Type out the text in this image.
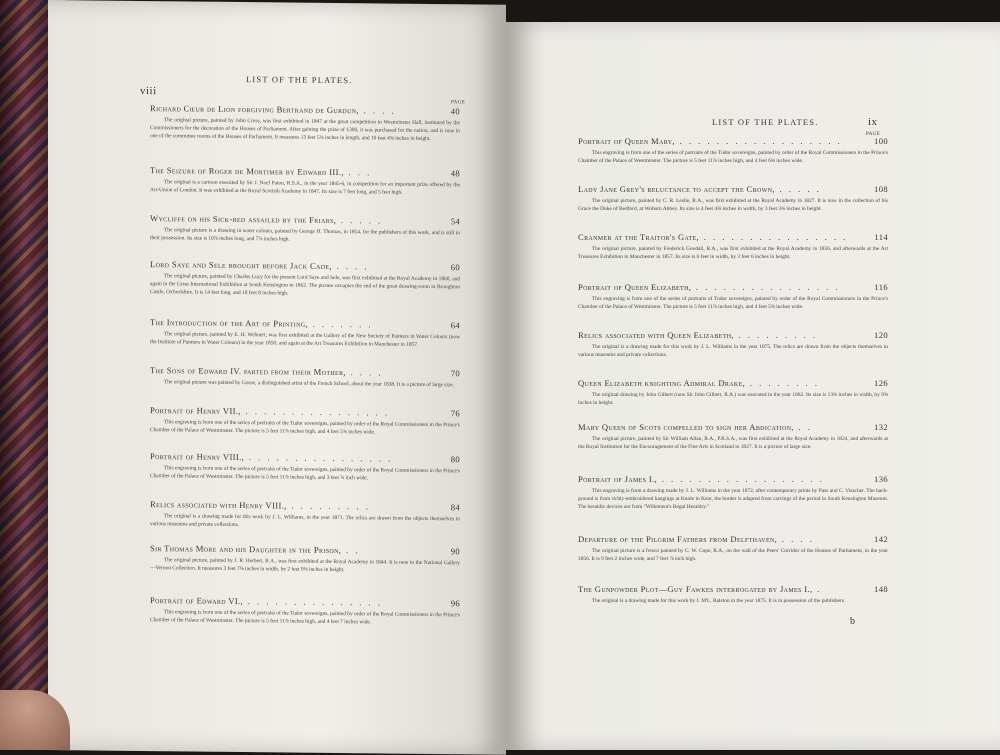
viii
LIST OF THE PLATES.
PAGE
Richard Cœur de Lion forgiving Bertrand de Gurdun, . . . .	40
The original picture, painted by John Cross, was first exhibited in 1847 at the great competition in Westminster Hall, instituted by the Commissioners for the decoration of the Houses of Parliament. After gaining the prize of £300, it was purchased for the nation, and is now in one of the committee rooms of the Houses of Parliament. It measures 13 feet 5⅜ inches in length, and 10 feet 4⅜ inches in height.
The Seizure of Roger de Mortimer by Edward III., . . .	48
The original is a cartoon executed by Sir J. Noel Paton, R.S.A., in the year 1845-6, in competition for an important prize offered by the Art-Union of London. It was exhibited at the Royal Scottish Academy in 1847. Its size is 7 feet long, and 5 feet high.
Wycliffe on his Sick-bed assailed by the Friars, . . . . .	54
The original picture is a drawing in water colours, painted by George H. Thomas, in 1854, for the publishers of this work, and is still in their possession. Its size is 10⅞ inches long, and 7⅞ inches high.
Lord Saye and Sele brought before Jack Cade, . . . .	60
The original picture, painted by Charles Lucy for the present Lord Saye and Sele, was first exhibited at the Royal Academy in 1860, and again in the Great International Exhibition at South Kensington in 1862. The picture occupies the end of the great drawing-room in Broughton Castle, Oxfordshire. It is 14 feet long, and 10 feet 8 inches high.
The Introduction of the Art of Printing, . . . . . . .	64
The original picture, painted by E. H. Wehnert, was first exhibited at the Gallery of the New Society of Painters in Water Colours (now the Institute of Painters in Water Colours) in the year 1850; and again at the Art Treasures Exhibition in Manchester in 1857.
The Sons of Edward IV. parted from their Mother, . . . .	70
The original picture was painted by Gosse, a distinguished artist of the French School, about the year 1838. It is a picture of large size.
Portrait of Henry VII., . . . . . . . . . . . . . . . .	76
This engraving is from one of the series of portraits of the Tudor sovereigns, painted by order of the Royal Commissioners in the Prince's Chamber of the Palace of Westminster. The picture is 5 feet 11⅞ inches high, and 4 feet 5⅜ inches wide.
Portrait of Henry VIII., . . . . . . . . . . . . . . . .	80
This engraving is from one of the series of portraits of the Tudor sovereigns, painted by order of the Royal Commissioners in the Prince's Chamber of the Palace of Westminster. The picture is 5 feet 11⅞ inches high, and 3 feet ⅞ inch wide.
Relics associated with Henry VIII., . . . . . . . . .	84
The original is a drawing made for this work by J. L. Williams, in the year 1871. The relics are drawn from the objects themselves in various museums and private collections.
Sir Thomas More and his Daughter in the Prison, . .	90
The original picture, painted by J. R. Herbert, R.A., was first exhibited at the Royal Academy in 1844. It is now in the National Gallery—Vernon Collection. It measures 3 feet 7⅜ inches in width, by 2 feet 9⅜ inches in height.
Portrait of Edward VI., . . . . . . . . . . . . . . .	96
This engraving is from one of the series of portraits of the Tudor sovereigns, painted by order of the Royal Commissioners in the Prince's Chamber of the Palace of Westminster. The picture is 5 feet 11⅞ inches high, and 4 feet 7 inches wide.
LIST OF THE PLATES.	ix
PAGE
Portrait of Queen Mary, . . . . . . . . . . . . . . . . . .	100
This engraving is from one of the series of portraits of the Tudor sovereigns, painted by order of the Royal Commissioners in the Prince's Chamber of the Palace of Westminster. The picture is 5 feet 11⅞ inches high, and 4 feet 6⅜ inches wide.
Lady Jane Grey's reluctance to accept the Crown, . . . . .	108
The original picture, painted by C. R. Leslie, R.A., was first exhibited at the Royal Academy in 1827. It is now in the collection of his Grace the Duke of Bedford, at Woburn Abbey. Its size is 4 feet 4⅜ inches in width, by 3 feet 3⅜ inches in height.
Cranmer at the Traitor's Gate, . . . . . . . . . . . . . . . .	114
The original picture, painted by Frederick Goodall, R.A., was first exhibited at the Royal Academy in 1856, and afterwards at the Art Treasures Exhibition in Manchester in 1857. Its size is 6 feet in width, by 3 feet 6 inches in height.
Portrait of Queen Elizabeth, . . . . . . . . . . . . . . . .	116
This engraving is from one of the series of portraits of Tudor sovereigns, painted by order of the Royal Commissioners in the Prince's Chamber of the Palace of Westminster. The picture is 5 feet 11⅞ inches high, and 4 feet 5⅜ inches wide.
Relics associated with Queen Elizabeth, . . . . . . . . .	120
The original is a drawing made for this work by J. L. Williams in the year 1875. The relics are drawn from the objects themselves in various museums and private collections.
Queen Elizabeth knighting Admiral Drake, . . . . . . . .	126
The original drawing by John Gilbert (now Sir John Gilbert, R.A.) was executed in the year 1862. Its size is 13⅜ inches in width, by 9⅜ inches in height.
Mary Queen of Scots compelled to sign her Abdication, . .	132
The original picture, painted by Sir William Allan, R.A., P.R.S.A., was first exhibited at the Royal Academy in 1824, and afterwards at the Royal Institution for the Encouragement of the Fine Arts in Scotland in 1827. It is a picture of large size.
Portrait of James I., . . . . . . . . . . . . . . . . . .	136
This engraving is from a drawing made by J. L. Williams in the year 1872, after contemporary prints by Pass and C. Visscher. The back-ground is from richly-embroidered hangings at Knole in Kent, the border is adapted from carvings of the period in South Kensington Museum. The heraldic devices are from "Willement's Regal Heraldry."
Departure of the Pilgrim Fathers from Delfthaven, . . . .	142
The original picture is a fresco painted by C. W. Cope, R.A., on the wall of the Peers' Corridor of the Houses of Parliament, in the year 1856. It is 9 feet 2 inches wide, and 7 feet ⅞ inch high.
The Gunpowder Plot—Guy Fawkes interrogated by James I., .	148
The original is a drawing made for this work by J. M'L. Ralston in the year 1875. It is in possession of the publishers.
b
